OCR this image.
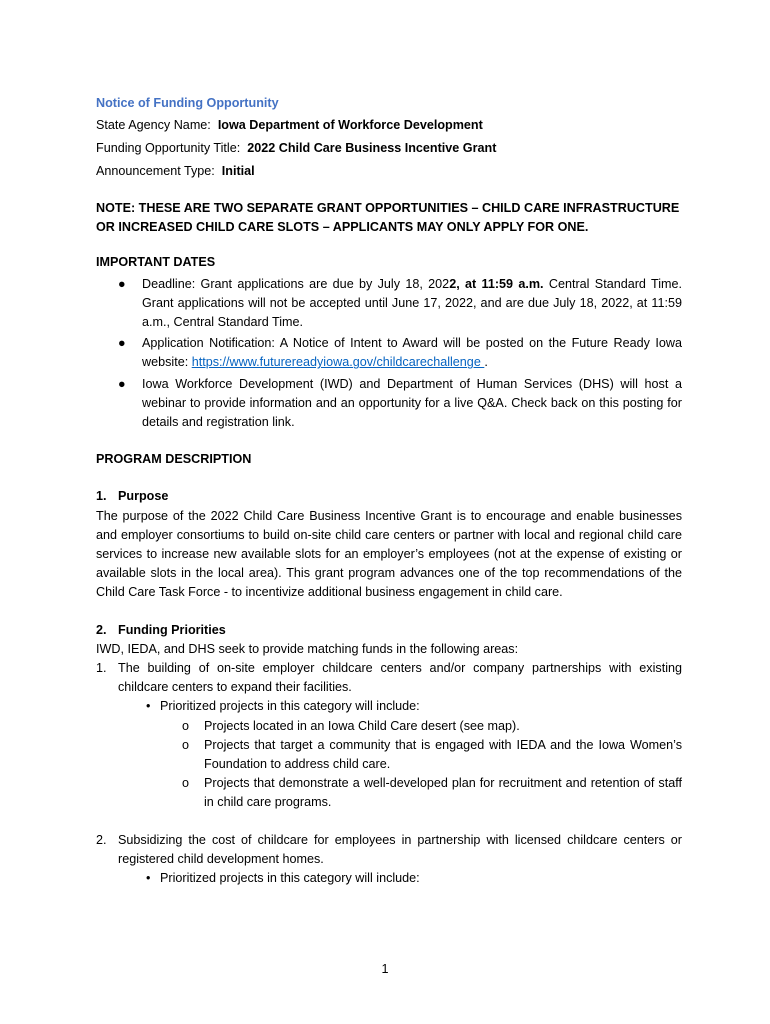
Notice of Funding Opportunity
State Agency Name: Iowa Department of Workforce Development
Funding Opportunity Title: 2022 Child Care Business Incentive Grant
Announcement Type: Initial
NOTE: THESE ARE TWO SEPARATE GRANT OPPORTUNITIES – CHILD CARE INFRASTRUCTURE OR INCREASED CHILD CARE SLOTS – APPLICANTS MAY ONLY APPLY FOR ONE.
IMPORTANT DATES
● Deadline: Grant applications are due by July 18, 2022, at 11:59 a.m. Central Standard Time. Grant applications will not be accepted until June 17, 2022, and are due July 18, 2022, at 11:59 a.m., Central Standard Time.
● Application Notification: A Notice of Intent to Award will be posted on the Future Ready Iowa website: https://www.futurereadyiowa.gov/childcarechallenge .
● Iowa Workforce Development (IWD) and Department of Human Services (DHS) will host a webinar to provide information and an opportunity for a live Q&A. Check back on this posting for details and registration link.
PROGRAM DESCRIPTION
1. Purpose

The purpose of the 2022 Child Care Business Incentive Grant is to encourage and enable businesses and employer consortiums to build on-site child care centers or partner with local and regional child care services to increase new available slots for an employer’s employees (not at the expense of existing or available slots in the local area). This grant program advances one of the top recommendations of the Child Care Task Force - to incentivize additional business engagement in child care.

2. Funding Priorities
IWD, IEDA, and DHS seek to provide matching funds in the following areas:
1. The building of on-site employer childcare centers and/or company partnerships with existing childcare centers to expand their facilities.
• Prioritized projects in this category will include:
o Projects located in an Iowa Child Care desert (see map).
o Projects that target a community that is engaged with IEDA and the Iowa Women’s Foundation to address child care.
o Projects that demonstrate a well-developed plan for recruitment and retention of staff in child care programs.
2. Subsidizing the cost of childcare for employees in partnership with licensed childcare centers or registered child development homes.
• Prioritized projects in this category will include:
1
